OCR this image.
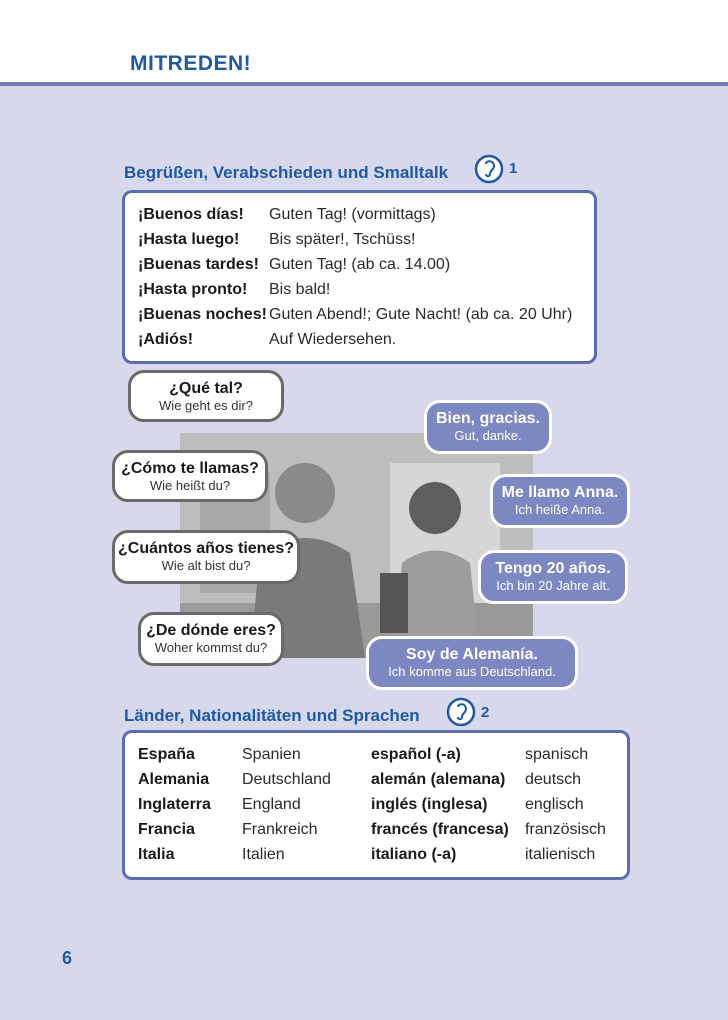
MITREDEN!
Begrüßen, Verabschieden und Smalltalk	1
¡Buenos días! Guten Tag! (vormittags)
¡Hasta luego! Bis später!, Tschüss!
¡Buenas tardes! Guten Tag! (ab ca. 14.00)
¡Hasta pronto! Bis bald!
¡Buenas noches! Guten Abend!; Gute Nacht! (ab ca. 20 Uhr)
¡Adiós!	Auf Wiedersehen.
¿Qué tal?
Wie geht es dir?
¿Cómo te llamas?
Wie heißt du?
¿Cuántos años tienes?
Wie alt bist du?
¿De dónde eres?
Woher kommst du?
Bien, gracias.
Gut, danke.
Me llamo Anna.
Ich heiße Anna.
Tengo 20 años.
Ich bin 20 Jahre alt.
Soy de Alemanía.
Ich komme aus Deutschland.
Länder, Nationalitäten und Sprachen	2
España	Spanien	español (-a)	spanisch
Alemania Deutschland	alemán (alemana) deutsch
Inglaterra England	inglés (inglesa) englisch
Francia	Frankreich	francés (francesa) französisch
Italia	Italien	italiano (-a)	italienisch
6
